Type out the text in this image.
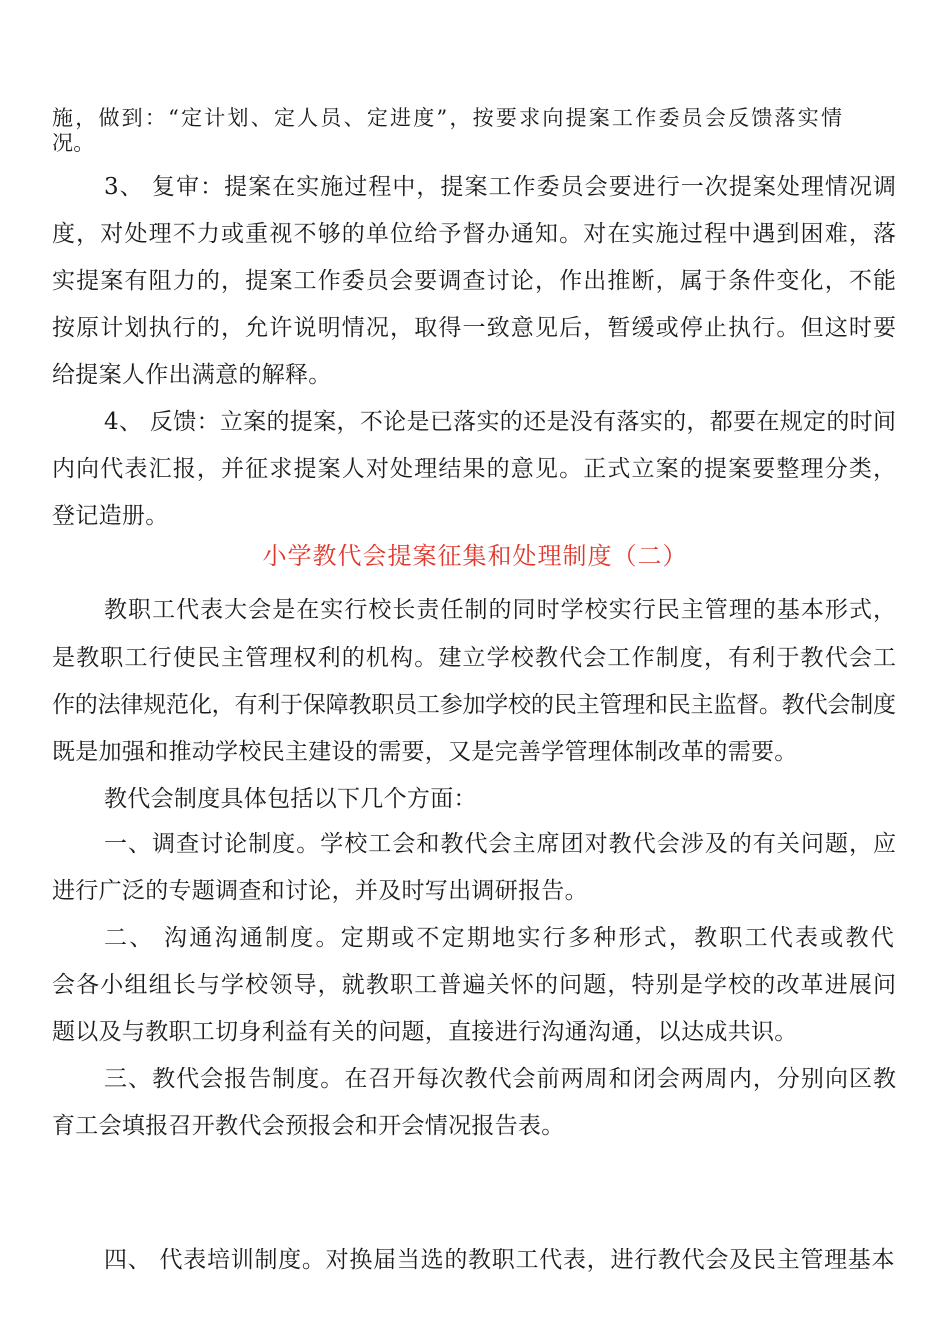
施，做到：“定计划、定人员、定进度”，按要求向提案工作委员会反馈落实情
况。
3、 复审：提案在实施过程中，提案工作委员会要进行一次提案处理情况调
度，对处理不力或重视不够的单位给予督办通知。对在实施过程中遇到困难，落
实提案有阻力的，提案工作委员会要调查讨论，作出推断，属于条件变化，不能
按原计划执行的，允许说明情况，取得一致意见后，暂缓或停止执行。但这时要
给提案人作出满意的解释。
4、 反馈：立案的提案，不论是已落实的还是没有落实的，都要在规定的时间
内向代表汇报，并征求提案人对处理结果的意见。正式立案的提案要整理分类，
登记造册。
小学教代会提案征集和处理制度（二）
教职工代表大会是在实行校长责任制的同时学校实行民主管理的基本形式，
是教职工行使民主管理权利的机构。建立学校教代会工作制度，有利于教代会工
作的法律规范化，有利于保障教职员工参加学校的民主管理和民主监督。教代会制度
既是加强和推动学校民主建设的需要，又是完善学管理体制改革的需要。
教代会制度具体包括以下几个方面：
一、调查讨论制度。学校工会和教代会主席团对教代会涉及的有关问题，应
进行广泛的专题调查和讨论，并及时写出调研报告。
二、 沟通沟通制度。定期或不定期地实行多种形式，教职工代表或教代
会各小组组长与学校领导，就教职工普遍关怀的问题，特别是学校的改革进展问
题以及与教职工切身利益有关的问题，直接进行沟通沟通，以达成共识。
三、教代会报告制度。在召开每次教代会前两周和闭会两周内，分别向区教
育工会填报召开教代会预报会和开会情况报告表。
四、 代表培训制度。对换届当选的教职工代表，进行教代会及民主管理基本
